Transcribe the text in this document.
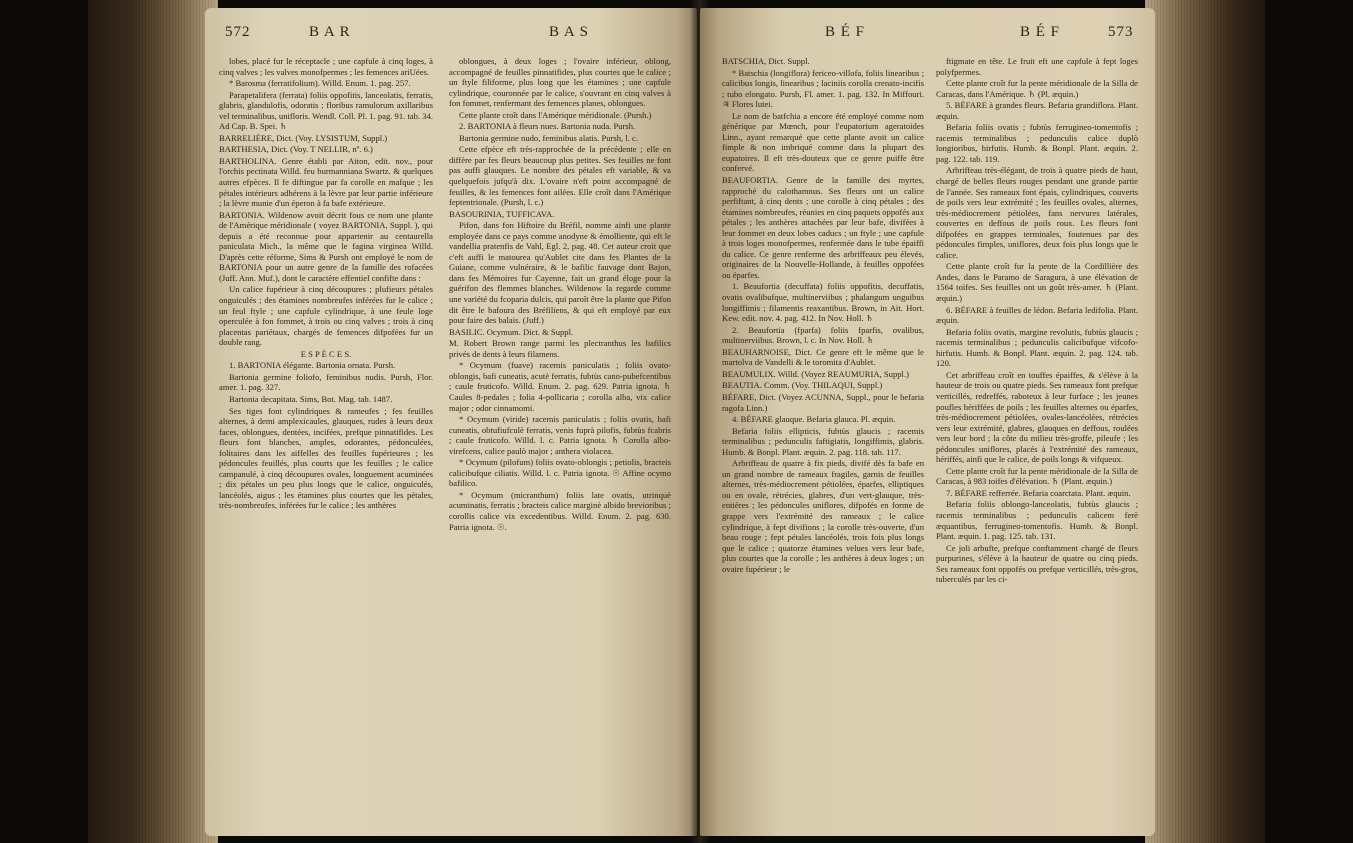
572	B A R	B A S

lobes, placé fur le réceptacle ; une capfule à cinq loges, à cinq valves ; les valves monofpermes ; les femences ariUées.

* Barosma (ferratifolium). Willd. Enum. 1. pag. 257.

Parapetalifera (ferrata) foliis oppofitis, lanceolatis, ferratis, glabris, glandulofis, odoratis ; floribus ramulorum axillaribus vel terminalibus, unifloris. Wendl. Coll. Pl. 1. pag. 91. tab. 34. Ad Cap. B. Spei. ♄

BARRELIÈRE, Dict. (Voy. LYSISTUM, Suppl.)

BARTHESIA, Dict. (Voy. T NELLIR, nº. 6.)

BARTHOLINA. Genre établi par Aiton, edit. nov., pour l'orchis pectinata Willd. feu burmanniana Swartz. & quelques autres efpèces. Il fe diftingue par fa corolle en mafque ; les pétales intérieurs adhérens à la lèvre par leur partie inférieure ; la lèvre munie d'un éperon à fa bafe extérieure.

BARTONIA. Wildenow avoit décrit fous ce nom une plante de l'Amérique méridionale ( voyez BARTONIA, Suppl. ), qui depuis a été reconnue pour appartenir au centaurella paniculata Mich., la même que le fagina virginea Willd. D'après cette réforme, Sims & Pursh ont employé le nom de BARTONIA pour un autre genre de la famille des rofacées (Juff. Ann. Muf.), dont le caractère effentiel confifte dans :

Un calice fupérieur à cinq découpures ; plufieurs pétales onguiculés ; des étamines nombreufes inférées fur le calice ; un feul ftyle ; une capfule cylindrique, à une feule loge operculée à fon fommet, à trois ou cinq valves ; trois à cinq placentas pariétaux, chargés de femences difpofées fur un double rang.

E S P È C E S.

1. BARTONIA élégante. Bartonia ornata. Pursh.

Bartonia germine foliofo, feminibus nudis. Pursh, Flor. amer. 1. pag. 327.

Bartonia decapitata. Sims, Bot. Mag. tab. 1487.

Ses tiges font cylindriques & rameufes ; fes feuilles alternes, à demi amplexicaules, glauques, rudes à leurs deux faces, oblongues, dentées, incifées, prefque pinnatifides. Les fleurs font blanches, amples, odorantes, pédonculées, folitaires dans les aiffelles des feuilles fupérieures ; les pédoncules feuillés, plus courts que les feuilles ; le calice campanulé, à cinq découpures ovales, longuement acuminées ; dix pétales un peu plus longs que le calice, onguiculés, lancéolés, aigus ; les étamines plus courtes que les pétales, très-nombreufes, inférées fur le calice ; les anthères

oblongues, à deux loges ; l'ovaire inférieur, oblong, accompagné de feuilles pinnatifides, plus courtes que le calice ; un ftyle filiforme, plus long que les étamines ; une capfule cylindrique, couronnée par le calice, s'ouvrant en cinq valves à fon fommet, renfermant des femences planes, oblongues.

Cette plante croît dans l'Amérique méridionale. (Pursh.)

2. BARTONIA à fleurs nues. Bartonia nuda. Pursh.

Bartonia germine nudo, feminibus alatis. Pursh, l. c.

Cette efpèce eft très-rapprochée de la précédente ; elle en diffère par fes fleurs beaucoup plus petites. Ses feuilles ne font pas auffi glauques. Le nombre des pétales eft variable, & va quelquefois jufqu'à dix. L'ovaire n'eft point accompagné de feuilles, & les femences font ailées. Elle croît dans l'Amérique feptentrionale. (Pursh, l. c.)

BASOURINIA, TUFFICAVA.

Pifon, dans fon Hiftoire du Bréfil, nomme ainfi une plante employée dans ce pays comme anodyne & émolliente, qui eft le vandellia pratenfis de Vahl, Egl. 2, pag. 48. Cet auteur croit que c'eft auffi le matourea qu'Aublet cite dans fes Plantes de la Guiane, comme vulnéraire, & le bafilic fauvage dont Bajon, dans fes Mémoires fur Cayenne, fait un grand éloge pour la guérifon des flemmes blanches. Wildenow la regarde comme une variété du fcoparia dulcis, qui paroît être la plante que Pifon dit être le bafoura des Bréfiliens, & qui eft employé par eux pour faire des balais. (Juff.)

BASILIC. Ocymum. Dict. & Suppl.

M. Robert Brown range parmi les plectranthus les bafilics privés de dents à leurs filamens.

* Ocymum (fuave) racemis paniculatis ; foliis ovato-oblongis, bafi cuneatis, acutè ferratis, fubtùs cano-pubefcentibus ; caule fruticofo. Willd. Enum. 2. pag. 629. Patria ignota. ♄ Caules 8-pedales ; folia 4-pollicaria ; corolla alba, vix calice major ; odor cinnamomi.

* Ocymum (viride) racemis paniculatis ; foliis ovatis, bafi cuneatis, obtufiufculè ferratis, venis fuprà pilofis, fubtùs fcabris ; caule fruticofo. Willd. l. c. Patria ignota. ♄ Corolla albo-virefcens, calice paulò major ; anthera violacea.

* Ocymum (pilofum) foliis ovato-oblongis ; petiolis, bracteis calicibufque ciliatis. Willd. l. c. Patria ignota. ☉ Affine ocymo bafilico.

* Ocymum (micranthum) foliis late ovatis, utrinquè acuminatis, ferratis ; bracteis calice marginè albido brevioribus ; corollis calice vix excedentibus. Willd. Enum. 2. pag. 630. Patria ignota. ☉.

B É F	B É F	573

BATSCHIA, Dict. Suppl.

* Batschia (longiflora) fericeo-villofa, foliis linearibus ; calicibus longis, linearibus ; laciniis corolla crenato-incifis ; tubo elongato. Pursh, Fl. amer. 1. pag. 132. In Miffouri. ♃ Flores lutei.

Le nom de batfchia a encore été employé comme nom générique par Mœnch, pour l'eupatorium ageratoides Linn., ayant remarqué que cette plante avoit un calice fimple & non imbriqué comme dans la plupart des eupatoires. Il eft très-douteux que ce genre puiffe être confervé.

BEAUFORTIA. Genre de la famille des myrtes, rapproché du calothamnus. Ses fleurs ont un calice perfiftant, à cinq dents ; une corolle à cinq pétales ; des étamines nombreufes, réunies en cinq paquets oppofés aux pétales ; les anthères attachées par leur bafe, divifées à leur fommet en deux lobes caducs ; un ftyle ; une capfule à trois loges monofpermes, renfermée dans le tube épaiffi du calice. Ce genre renferme des arbriffeaux peu élevés, originaires de la Nouvelle-Hollande, à feuilles oppofées ou éparfes.

1. Beaufortia (decuffata) foliis oppofitis, decuffatis, ovatis ovalibufque, multinerviibus ; phalangum unguibus longiffimis ; filamentis reaxantibus. Brown, in Ait. Hort. Kew. edit. nov. 4. pag. 412. In Nov. Holl. ♄

2. Beaufortia (fparfa) foliis fparfis, ovalibus, multinerviibus. Brown, l. c. In Nov. Holl. ♄

BEAUHARNOISE, Dict. Ce genre eft le même que le martolva de Vandelli & le toromita d'Aublet.

BEAUMULIX. Willd. (Voyez REAUMURIA, Suppl.)

BEAUTIA. Comm. (Voy. THILAQUI, Suppl.)

BÉFARE, Dict. (Voyez ACUNNA, Suppl., pour le befaria ragofa Linn.)

4. BÉFARE glauque. Befaria glauca. Pl. æquin.

Befaria foliis ellipticis, fubtùs glaucis ; racemis terminalibus ; pedunculis faftigiatis, longiffimis, glabris. Humb. & Bonpl. Plant. æquin. 2. pag. 118. tab. 117.

Arbriffeau de quatre à fix pieds, divifé dès fa bafe en un grand nombre de rameaux fragiles, garnis de feuilles alternes, très-médiocrement pétiolées, éparfes, elliptiques ou en ovale, rétrécies, glabres, d'un vert-glauque, très-entières ; les pédoncules uniflores, difpofés en forme de grappe vers l'extrémité des rameaux ; le calice cylindrique, à fept divifions ; la corolle très-ouverte, d'un beau rouge ; fept pétales lancéolés, trois fois plus longs que le calice ; quatorze étamines velues vers leur bafe, plus courtes que la corolle ; les anthères à deux loges ; un ovaire fupérieur ; le

ftigmate en tête. Le fruit eft une capfule à fept loges polyfpermes.

Cette plante croît fur la pente méridionale de la Silla de Caracas, dans l'Amérique. ♄ (Pl. æquin.)

5. BÉFARE à grandes fleurs. Befaria grandiflora. Plant. æquin.

Befaria foliis ovatis ; fubtùs ferrugineo-tomentofis ; racemis terminalibus ; pedunculis calice duplò longioribus, hirfutis. Humb. & Bonpl. Plant. æquin. 2. pag. 122. tab. 119.

Arbriffeau très-élégant, de trois à quatre pieds de haut, chargé de belles fleurs rouges pendant une grande partie de l'année. Ses rameaux font épais, cylindriques, couverts de poils vers leur extrémité ; les feuilles ovales, alternes, très-médiocrement pétiolées, fans nervures latérales, couvertes en deffous de poils roux. Les fleurs font difpofées en grappes terminales, foutenues par des pédoncules fimples, uniflores, deux fois plus longs que le calice.

Cette plante croît fur la pente de la Cordillière des Andes, dans le Paramo de Saragura, à une élévation de 1564 toifes. Ses feuilles ont un goût très-amer. ♄ (Plant. æquin.)

6. BÉFARE à feuilles de lédon. Befaria ledifolia. Plant. æquin.

Befaria foliis ovatis, margine revolutis, fubtùs glaucis ; racemis terminalibus ; pedunculis calicibufque vifcofo-hirfutis. Humb. & Bonpl. Plant. æquin. 2. pag. 124. tab. 120.

Cet arbriffeau croît en touffes épaiffes, & s'élève à la hauteur de trois ou quatre pieds. Ses rameaux font prefque verticillés, redreffés, raboteux à leur furface ; les jeunes poufles hériffées de poils ; les feuilles alternes ou éparfes, très-médiocrement pétiolées, ovales-lancéolées, rétrécies vers leur extrémité, glabres, glauques en deffous, roulées vers leur bord ; la côte du milieu très-groffe, pileufe ; les pédoncules uniflores, placés à l'extrémité des rameaux, hériffés, ainfi que le calice, de poils longs & vifqueux.

Cette plante croît fur la pente méridionale de la Silla de Caracas, à 983 toifes d'élévation. ♄ (Plant. æquin.)

7. BÉFARE refferrée. Befaria coarctata. Plant. æquin.

Befaria foliis oblongo-lanceolatis, fubtùs glaucis ; racemis terminalibus ; pedunculis calicem ferè æquantibus, ferrugineo-tomentofis. Humb. & Bonpl. Plant. æquin. 1. pag. 125. tab. 131.

Ce joli arbufte, prefque conftamment chargé de fleurs purpurines, s'élève à la hauteur de quatre ou cinq pieds. Ses rameaux font oppofés ou prefque verticillés, très-gros, tuberculés par les ci-
